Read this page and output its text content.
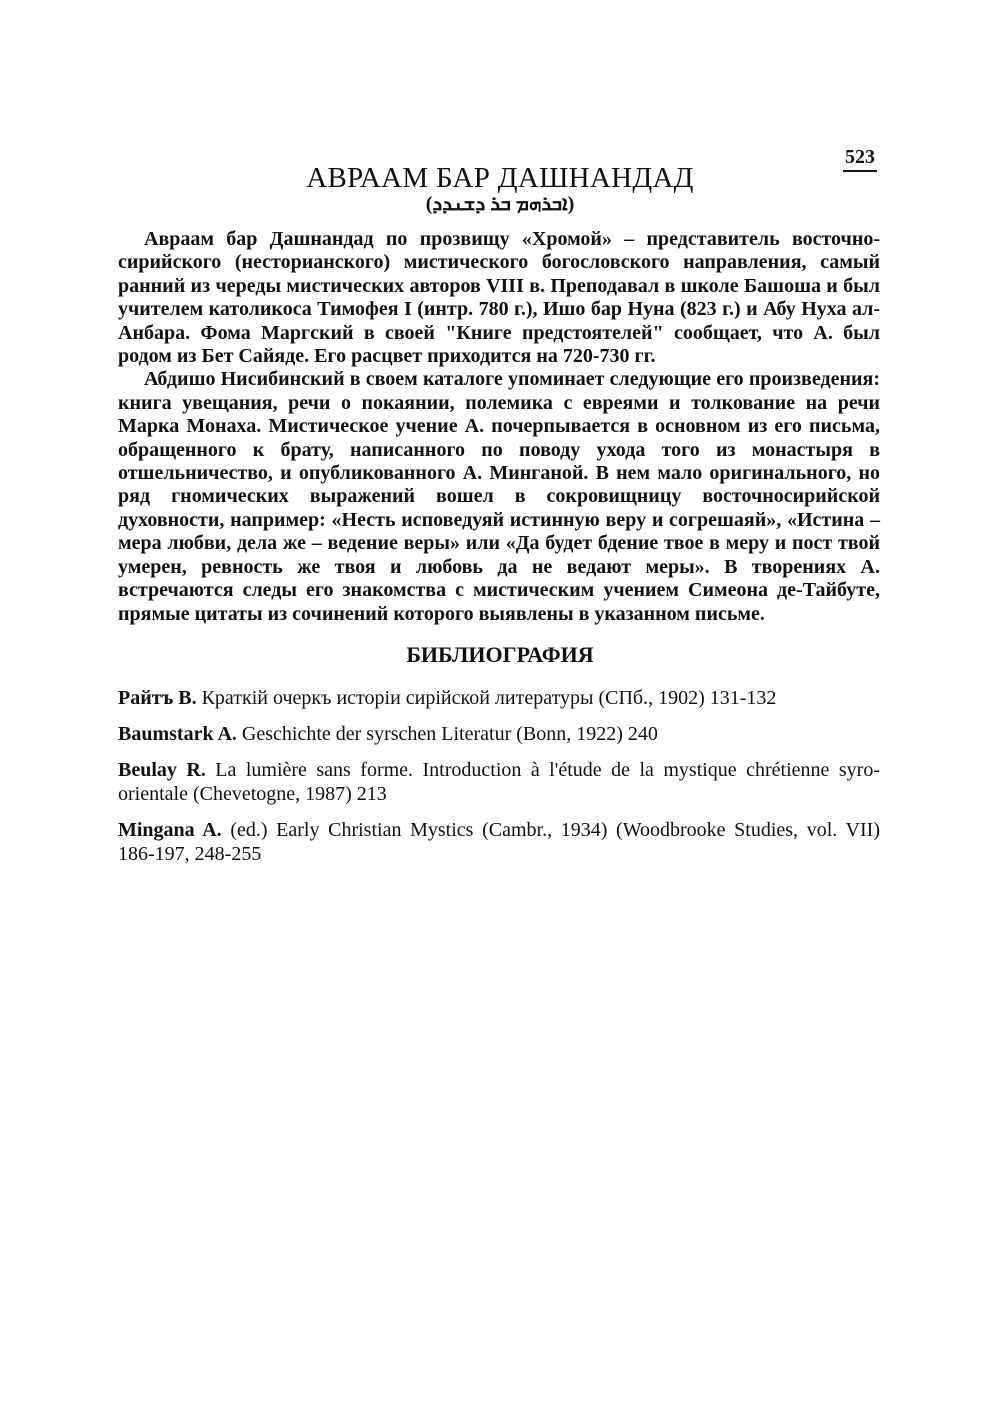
523
АВРААМ БАР ДАШНАНДАД
(ܐܒܪܗܡ ܒܪ ܕܫܢܕܕ)

Авраам бар Дашнандад по прозвищу «Хромой» – представитель восточно-сирийского (несторианского) мистического богословского направления, самый ранний из череды мистических авторов VIII в. Преподавал в школе Башоша и был учителем католикоса Тимофея I (интр. 780 г.), Ишо бар Нуна (823 г.) и Абу Нуха ал-Анбара. Фома Маргский в своей "Книге предстоятелей" сообщает, что А. был родом из Бет Сайяде. Его расцвет приходится на 720-730 гг.

Абдишо Нисибинский в своем каталоге упоминает следующие его произведения: книга увещания, речи о покаянии, полемика с евреями и толкование на речи Марка Монаха. Мистическое учение А. почерпывается в основном из его письма, обращенного к брату, написанного по поводу ухода того из монастыря в отшельничество, и опубликованного А. Минганой. В нем мало оригинального, но ряд гномических выражений вошел в сокровищницу восточносирийской духовности, например: «Несть исповедуяй истинную веру и согрешаяй», «Истина – мера любви, дела же – ведение веры» или «Да будет бдение твое в меру и пост твой умерен, ревность же твоя и любовь да не ведают меры». В творениях А. встречаются следы его знакомства с мистическим учением Симеона де-Тайбуте, прямые цитаты из сочинений которого выявлены в указанном письме.

БИБЛИОГРАФИЯ

Райтъ В. Краткій очеркъ исторіи сирійской литературы (СПб., 1902) 131-132

Baumstark A. Geschichte der syrschen Literatur (Bonn, 1922) 240

Beulay R. La lumière sans forme. Introduction à l'étude de la mystique chrétienne syro-orientale (Chevetogne, 1987) 213

Mingana A. (ed.) Early Christian Mystics (Cambr., 1934) (Woodbrooke Studies, vol. VII) 186-197, 248-255
